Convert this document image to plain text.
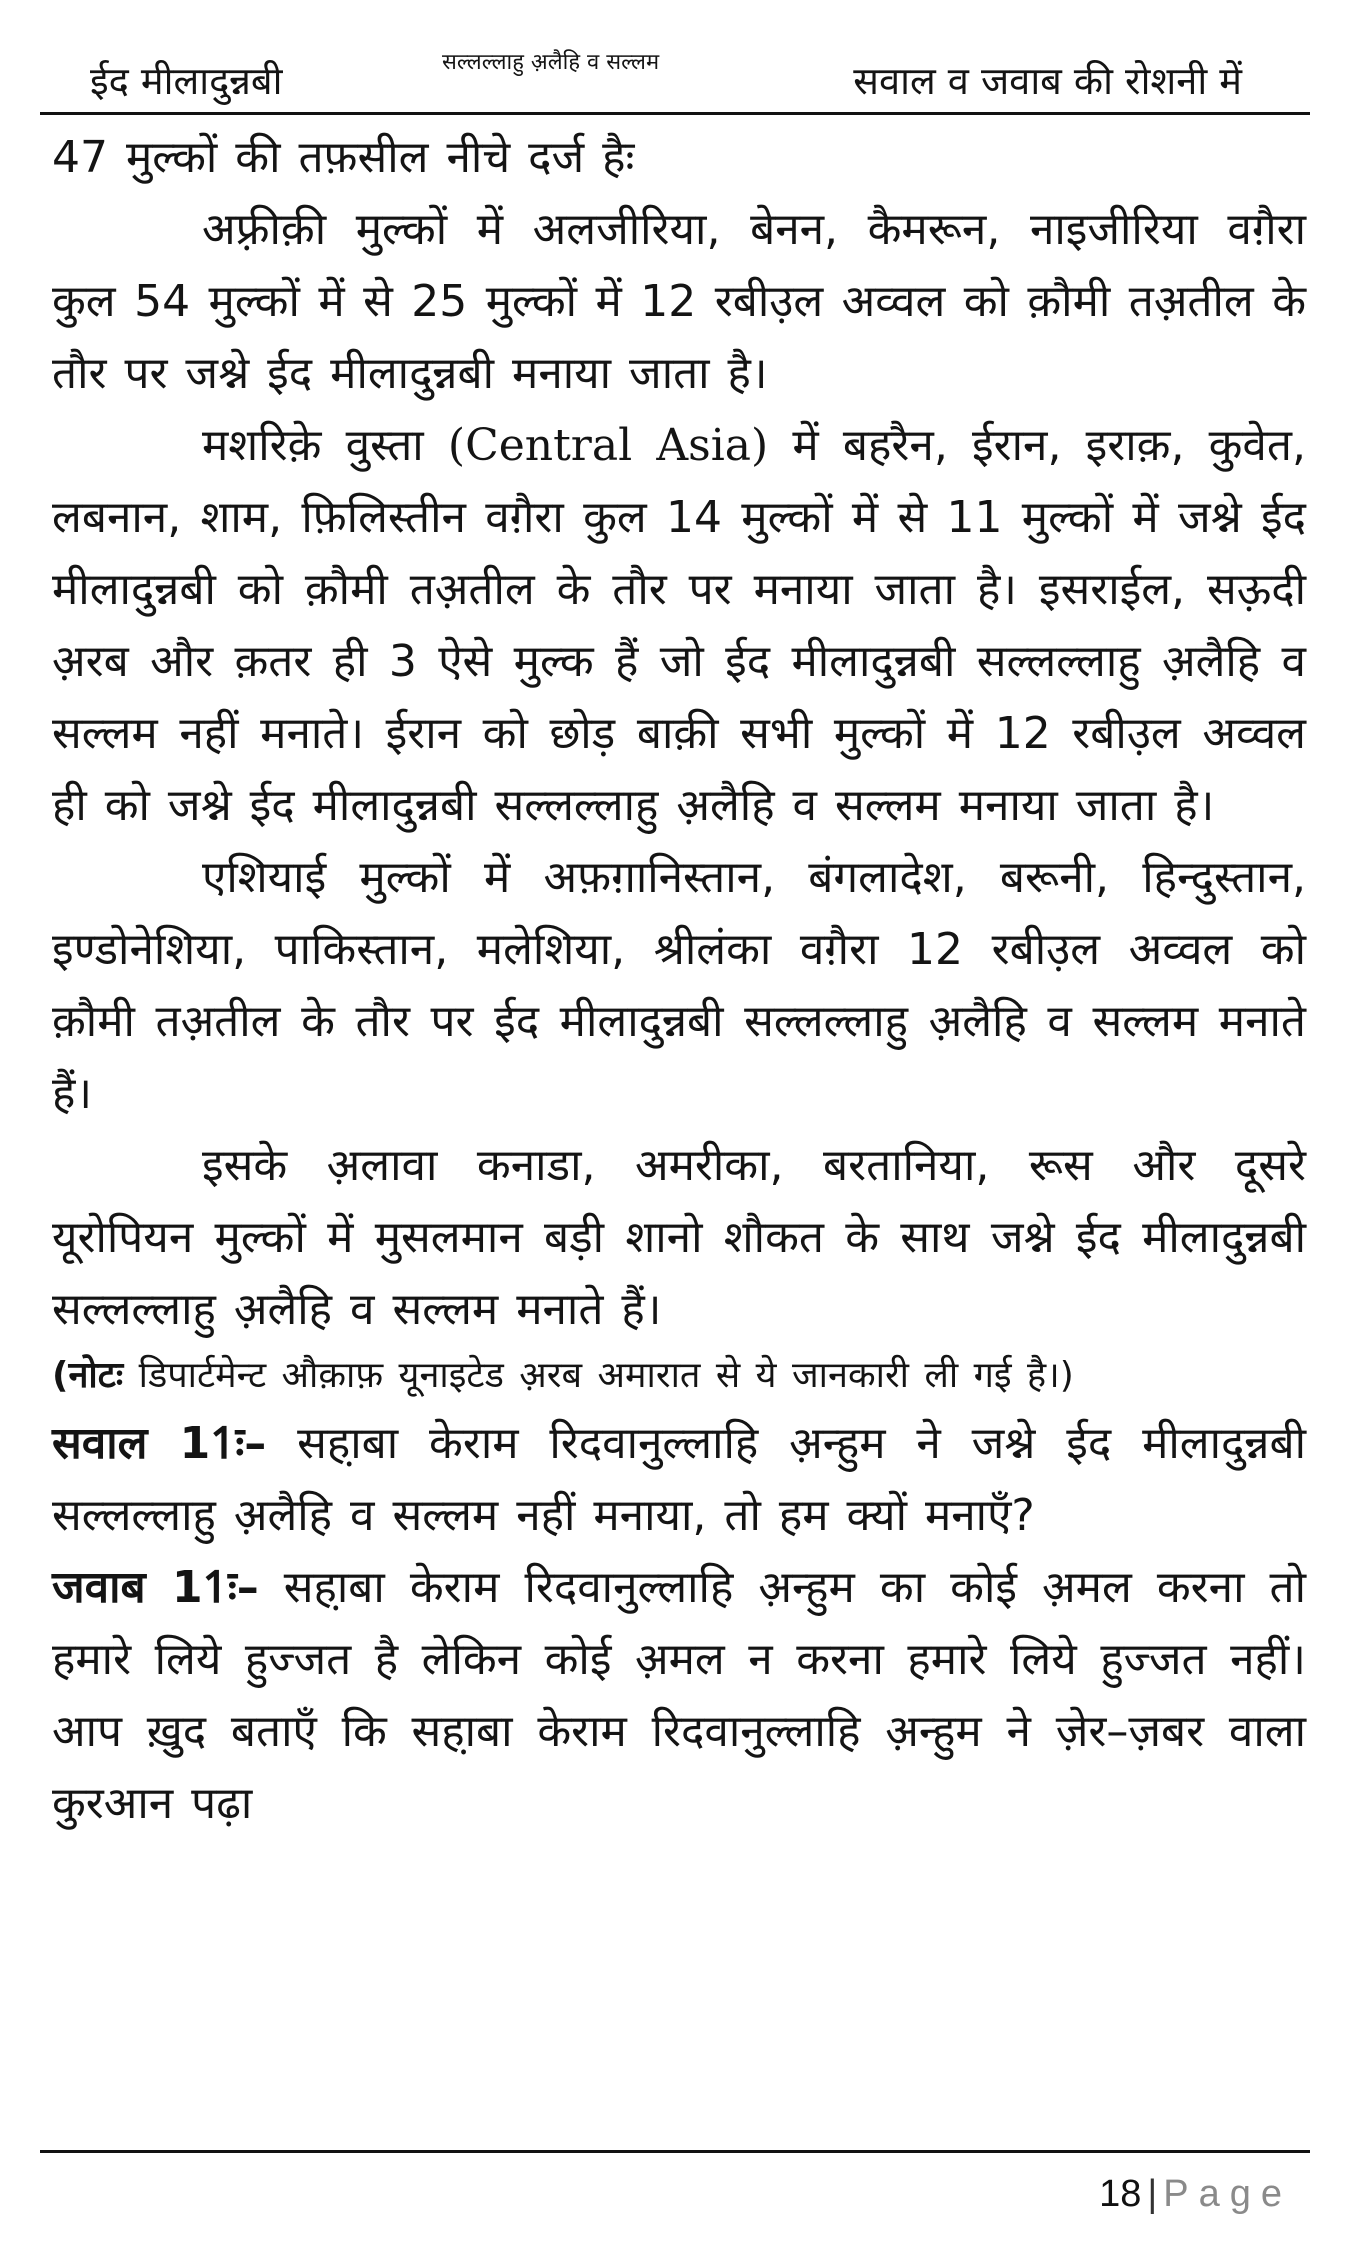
ईद मीलादुन्नबी	सल्लल्लाहु अ़लैहि व सल्लम	सवाल व जवाब की रोशनी में

47 मुल्कों की तफ़सील नीचे दर्ज हैः

अफ़्रीक़ी मुल्कों में अलजीरिया, बेनन, कैमरून, नाइजीरिया वग़ैरा कुल 54 मुल्कों में से 25 मुल्कों में 12 रबीउ़ल अव्वल को क़ौमी तअ़तील के तौर पर जश्ने ईद मीलादुन्नबी मनाया जाता है।

मशरिक़े वुस्ता (Central Asia) में बहरैन, ईरान, इराक़, कुवेत, लबनान, शाम, फ़िलिस्तीन वग़ैरा कुल 14 मुल्कों में से 11 मुल्कों में जश्ने ईद मीलादुन्नबी को क़ौमी तअ़तील के तौर पर मनाया जाता है। इसराईल, सऊ़दी अ़रब और क़तर ही 3 ऐसे मुल्क हैं जो ईद मीलादुन्नबी सल्लल्लाहु अ़लैहि व सल्लम नहीं मनाते। ईरान को छोड़ बाक़ी सभी मुल्कों में 12 रबीउ़ल अव्वल ही को जश्ने ईद मीलादुन्नबी सल्लल्लाहु अ़लैहि व सल्लम मनाया जाता है।

एशियाई मुल्कों में अफ़ग़ानिस्तान, बंगलादेश, बरूनी, हिन्दुस्तान, इण्डोनेशिया, पाकिस्तान, मलेशिया, श्रीलंका वग़ैरा 12 रबीउ़ल अव्वल को क़ौमी तअ़तील के तौर पर ईद मीलादुन्नबी सल्लल्लाहु अ़लैहि व सल्लम मनाते हैं।

इसके अ़लावा कनाडा, अमरीका, बरतानिया, रूस और दूसरे यूरोपियन मुल्कों में मुसलमान बड़ी शानो शौकत के साथ जश्ने ईद मीलादुन्नबी सल्लल्लाहु अ़लैहि व सल्लम मनाते हैं।

(नोटः डिपार्टमेन्ट औक़ाफ़ यूनाइटेड अ़रब अमारात से ये जानकारी ली गई है।)

सवाल 11ः– सहा़बा केराम रिदवानुल्लाहि अ़न्हुम ने जश्ने ईद मीलादुन्नबी सल्लल्लाहु अ़लैहि व सल्लम नहीं मनाया, तो हम क्यों मनाएँ?

जवाब 11ः– सहा़बा केराम रिदवानुल्लाहि अ़न्हुम का कोई अ़मल करना तो हमारे लिये हुज्जत है लेकिन कोई अ़मल न करना हमारे लिये हुज्जत नहीं। आप ख़ुद बताएँ कि सहा़बा केराम रिदवानुल्लाहि अ़न्हुम ने ज़ेर–ज़बर वाला कुरआन पढ़ा

18 | Page
